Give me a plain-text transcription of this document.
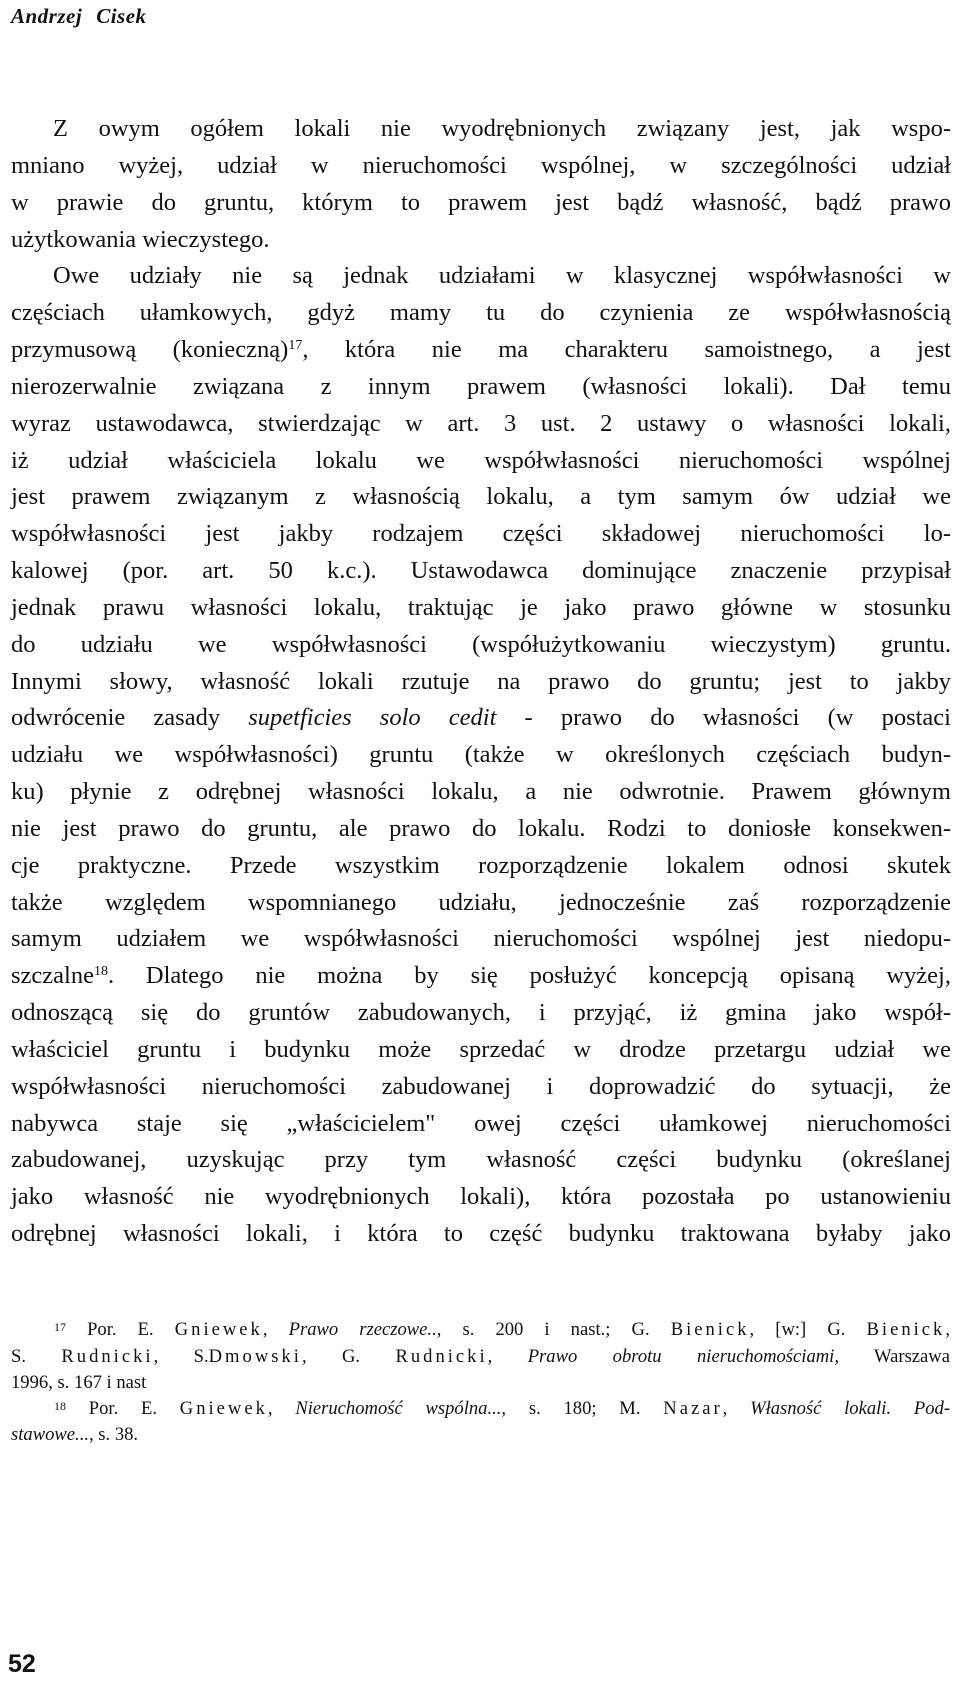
Andrzej Cisek
Z owym ogółem lokali nie wyodrębnionych związany jest, jak wspo-
mniano wyżej, udział w nieruchomości wspólnej, w szczególności udział
w prawie do gruntu, którym to prawem jest bądź własność, bądź prawo
użytkowania wieczystego.
Owe udziały nie są jednak udziałami w klasycznej współwłasności w
częściach ułamkowych, gdyż mamy tu do czynienia ze współwłasnością
przymusową (konieczną)$^{17}$, która nie ma charakteru samoistnego, a jest
nierozerwalnie związana z innym prawem (własności lokali). Dał temu
wyraz ustawodawca, stwierdzając w art. 3 ust. 2 ustawy o własności lokali,
iż udział właściciela lokalu we współwłasności nieruchomości wspólnej
jest prawem związanym z własnością lokalu, a tym samym ów udział we
współwłasności jest jakby rodzajem części składowej nieruchomości lo-
kalowej (por. art. 50 k.c.). Ustawodawca dominujące znaczenie przypisał
jednak prawu własności lokalu, traktując je jako prawo główne w stosunku
do udziału we współwłasności (współużytkowaniu wieczystym) gruntu.
Innymi słowy, własność lokali rzutuje na prawo do gruntu; jest to jakby
odwrócenie zasady supetficies solo cedit - prawo do własności (w postaci
udziału we współwłasności) gruntu (także w określonych częściach budyn-
ku) płynie z odrębnej własności lokalu, a nie odwrotnie. Prawem głównym
nie jest prawo do gruntu, ale prawo do lokalu. Rodzi to doniosłe konsekwen-
cje praktyczne. Przede wszystkim rozporządzenie lokalem odnosi skutek
także względem wspomnianego udziału, jednocześnie zaś rozporządzenie
samym udziałem we współwłasności nieruchomości wspólnej jest niedopu-
szczalne$^{18}$. Dlatego nie można by się posłużyć koncepcją opisaną wyżej,
odnoszącą się do gruntów zabudowanych, i przyjąć, iż gmina jako współ-
właściciel gruntu i budynku może sprzedać w drodze przetargu udział we
współwłasności nieruchomości zabudowanej i doprowadzić do sytuacji, że
nabywca staje się „właścicielem" owej części ułamkowej nieruchomości
zabudowanej, uzyskując przy tym własność części budynku (określanej
jako własność nie wyodrębnionych lokali), która pozostała po ustanowieniu
odrębnej własności lokali, i która to część budynku traktowana byłaby jako
$^{17}$ Por. E. Gniewek, Prawo rzeczowe.., s. 200 i nast.; G. Bienick, [w:] G. Bienick,
S. Rudnicki, S.Dmowski, G. Rudnicki, Prawo obrotu nieruchomościami, Warszawa
1996, s. 167 i nast
$^{18}$ Por. E. Gniewek, Nieruchomość wspólna..., s. 180; M. Nazar, Własność lokali. Pod-
stawowe..., s. 38.
52
